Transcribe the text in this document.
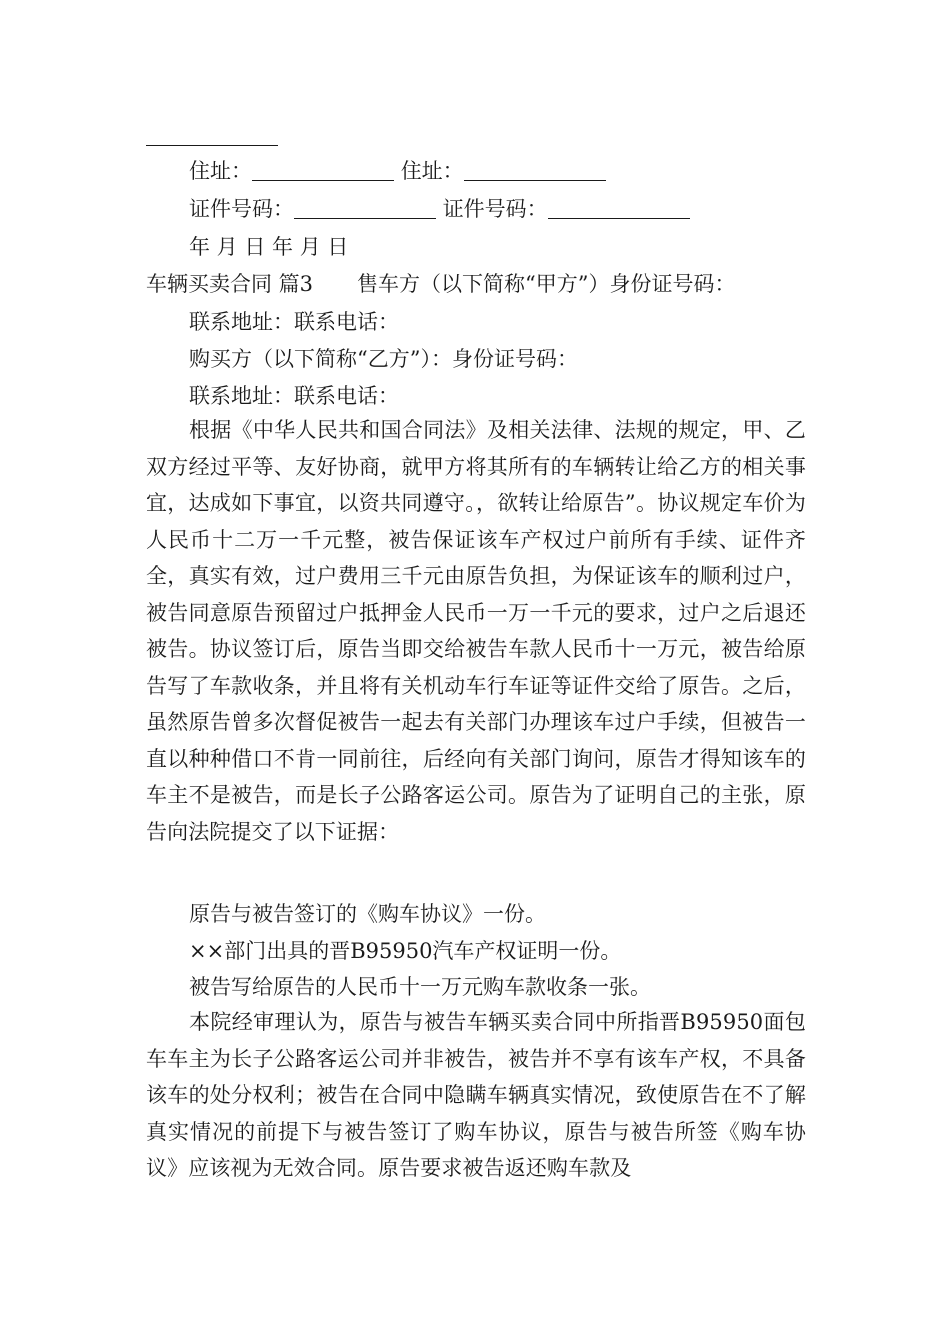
住址：	住址：
证件号码：	证件号码：
年 月 日 年 月 日
车辆买卖合同 篇3 售车方（以下简称“甲方”）身份证号码：
联系地址：联系电话：
购买方（以下简称“乙方”）：身份证号码：
联系地址：联系电话：

根据《中华人民共和国合同法》及相关法律、法规的规定，甲、乙双方经过平等、友好协商，就甲方将其所有的车辆转让给乙方的相关事宜，达成如下事宜，以资共同遵守。，欲转让给原告”。协议规定车价为人民币十二万一千元整，被告保证该车产权过户前所有手续、证件齐全，真实有效，过户费用三千元由原告负担，为保证该车的顺利过户，被告同意原告预留过户抵押金人民币一万一千元的要求，过户之后退还被告。协议签订后，原告当即交给被告车款人民币十一万元，被告给原告写了车款收条，并且将有关机动车行车证等证件交给了原告。之后，虽然原告曾多次督促被告一起去有关部门办理该车过户手续，但被告一直以种种借口不肯一同前往，后经向有关部门询问，原告才得知该车的车主不是被告，而是长子公路客运公司。原告为了证明自己的主张，原告向法院提交了以下证据：

原告与被告签订的《购车协议》一份。
××部门出具的晋B95950汽车产权证明一份。
被告写给原告的人民币十一万元购车款收条一张。

本院经审理认为，原告与被告车辆买卖合同中所指晋B95950面包车车主为长子公路客运公司并非被告，被告并不享有该车产权，不具备该车的处分权利；被告在合同中隐瞒车辆真实情况，致使原告在不了解真实情况的前提下与被告签订了购车协议，原告与被告所签《购车协议》应该视为无效合同。原告要求被告返还购车款及
